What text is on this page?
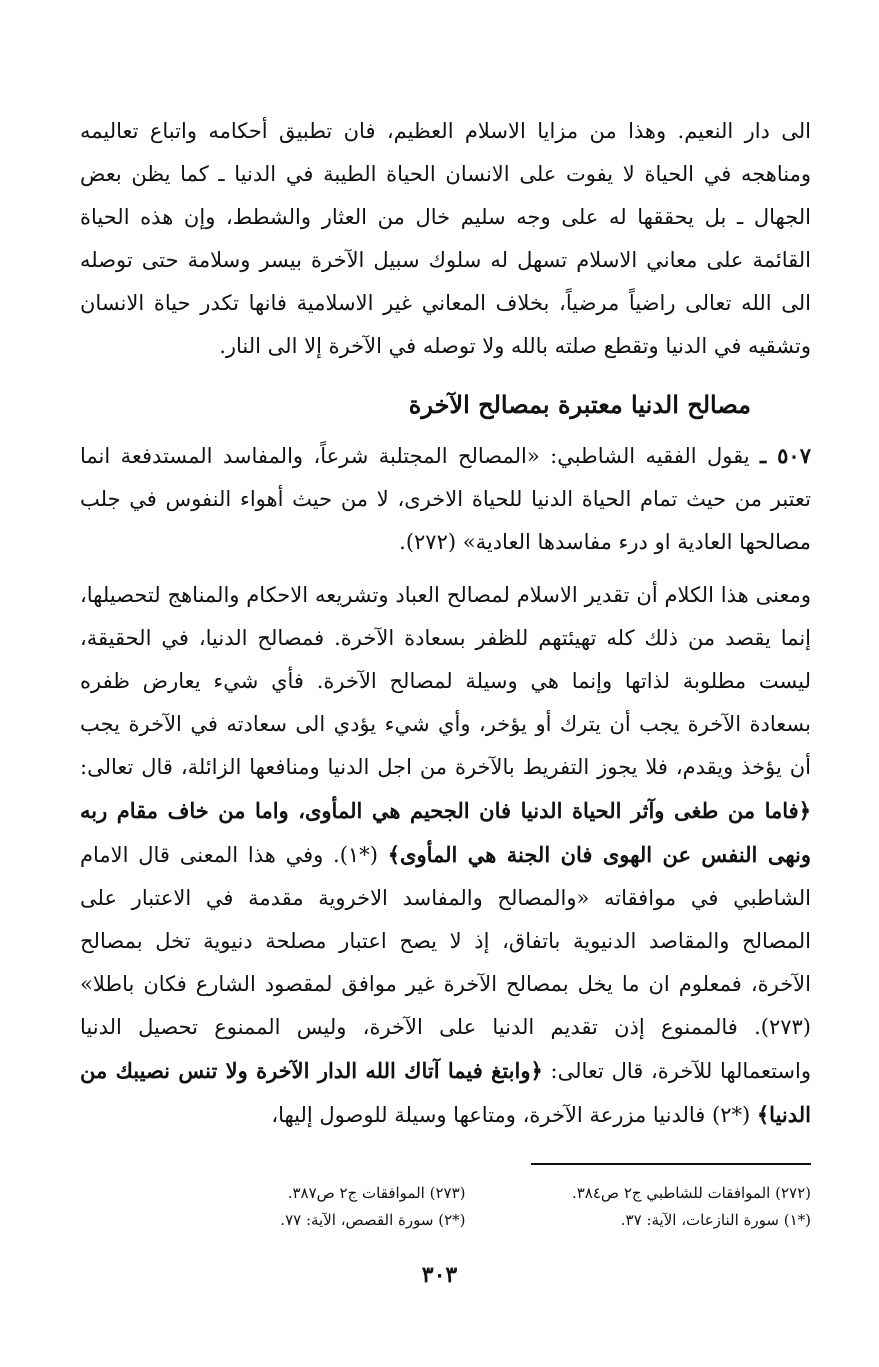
الى دار النعيم. وهذا من مزايا الاسلام العظيم، فان تطبيق أحكامه واتباع تعاليمه ومناهجه في الحياة لا يفوت على الانسان الحياة الطيبة في الدنيا ـ كما يظن بعض الجهال ـ بل يحققها له على وجه سليم خال من العثار والشطط، وإن هذه الحياة القائمة على معاني الاسلام تسهل له سلوك سبيل الآخرة بيسر وسلامة حتى توصله الى الله تعالى راضياً مرضياً، بخلاف المعاني غير الاسلامية فانها تكدر حياة الانسان وتشقيه في الدنيا وتقطع صلته بالله ولا توصله في الآخرة إلا الى النار.

مصالح الدنيا معتبرة بمصالح الآخرة

٥٠٧ ـ يقول الفقيه الشاطبي: «المصالح المجتلبة شرعاً، والمفاسد المستدفعة انما تعتبر من حيث تمام الحياة الدنيا للحياة الاخرى، لا من حيث أهواء النفوس في جلب مصالحها العادية او درء مفاسدها العادية» (٢٧٢).

ومعنى هذا الكلام أن تقدير الاسلام لمصالح العباد وتشريعه الاحكام والمناهج لتحصيلها، إنما يقصد من ذلك كله تهيئتهم للظفر بسعادة الآخرة. فمصالح الدنيا، في الحقيقة، ليست مطلوبة لذاتها وإنما هي وسيلة لمصالح الآخرة. فأي شيء يعارض ظفره بسعادة الآخرة يجب أن يترك أو يؤخر، وأي شيء يؤدي الى سعادته في الآخرة يجب أن يؤخذ ويقدم، فلا يجوز التفريط بالآخرة من اجل الدنيا ومنافعها الزائلة، قال تعالى: ﴿فاما من طغى وآثر الحياة الدنيا فان الجحيم هي المأوى، واما من خاف مقام ربه ونهى النفس عن الهوى فان الجنة هي المأوى﴾ (*١). وفي هذا المعنى قال الامام الشاطبي في موافقاته «والمصالح والمفاسد الاخروية مقدمة في الاعتبار على المصالح والمقاصد الدنيوية باتفاق، إذ لا يصح اعتبار مصلحة دنيوية تخل بمصالح الآخرة، فمعلوم ان ما يخل بمصالح الآخرة غير موافق لمقصود الشارع فكان باطلا» (٢٧٣). فالممنوع إذن تقديم الدنيا على الآخرة، وليس الممنوع تحصيل الدنيا واستعمالها للآخرة، قال تعالى: ﴿وابتغ فيما آتاك الله الدار الآخرة ولا تنس نصيبك من الدنيا﴾ (*٢) فالدنيا مزرعة الآخرة، ومتاعها وسيلة للوصول إليها،

(٢٧٢) الموافقات للشاطبي ج٢ ص٣٨٤.
(٢٧٣) الموافقات ج٢ ص٣٨٧.
(*١) سورة النازعات، الآية: ٣٧.
(*٢) سورة القصص، الآية: ٧٧.
٣٠٣
